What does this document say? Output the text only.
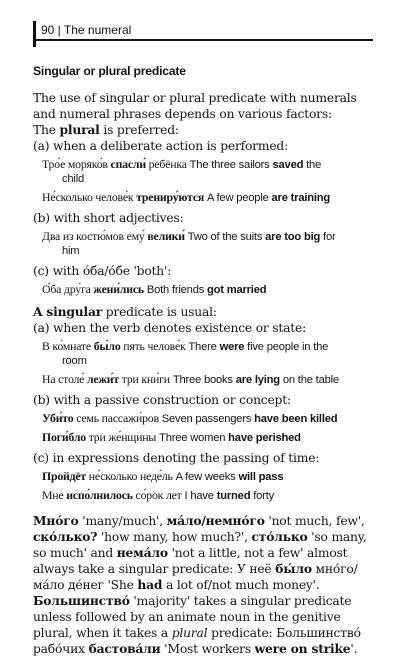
90 | The numeral
Singular or plural predicate

The use of singular or plural predicate with numerals and numeral phrases depends on various factors:

The plural is preferred:

(a) when a deliberate action is performed:

Тро́е моряко́в спасли́ ребёнка The three sailors saved the
child
Не́сколько челове́к трениру́ются A few people are training

(b) with short adjectives:

Два из костю́мов ему́ велики́ Two of the suits are too big for
him

(c) with о́ба/о́бе 'both':

О́ба дру́га жени́лись Both friends got married

A singular predicate is usual:

(a) when the verb denotes existence or state:

В ко́мнате бы́ло пять челове́к There were five people in the
room
На столе́ лежи́т три кни́ги Three books are lying on the table

(b) with a passive construction or concept:

Уби́то семь пассажи́ров Seven passengers have been killed
Поги́бло три же́нщины Three women have perished

(c) in expressions denoting the passing of time:

Пройдёт не́сколько неде́ль A few weeks will pass
Мне испо́лнилось со́рок лет I have turned forty

Мно́го 'many/much', ма́ло/немно́го 'not much, few', ско́лько? 'how many, how much?', сто́лько 'so many, so much' and нема́ло 'not a little, not a few' almost always take a singular predicate: У неё бы́ло мно́го/ма́ло де́нег 'She had a lot of/not much money'. Большинство́ 'majority' takes a singular predicate unless followed by an animate noun in the genitive plural, when it takes a plural predicate: Большинство́ рабо́чих бастова́ли 'Most workers were on strike'.
